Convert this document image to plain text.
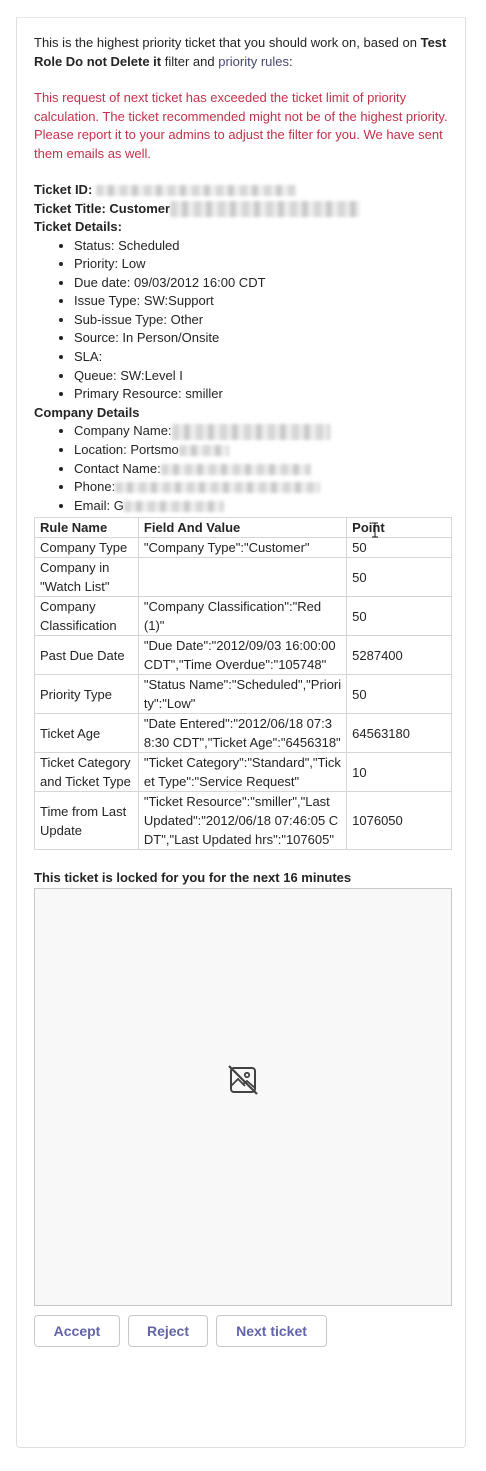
This is the highest priority ticket that you should work on, based on Test Role Do not Delete it filter and priority rules:

This request of next ticket has exceeded the ticket limit of priority calculation. The ticket recommended might not be of the highest priority. Please report it to your admins to adjust the filter for you. We have sent them emails as well.

Ticket ID:
Ticket Title: Customer
Ticket Details:
• Status: Scheduled
• Priority: Low
• Due date: 09/03/2012 16:00 CDT
• Issue Type: SW:Support
• Sub-issue Type: Other
• Source: In Person/Onsite
• SLA:
• Queue: SW:Level I
• Primary Resource: smiller
Company Details
• Company Name:
• Location: Portsmo
• Contact Name:
• Phone:
• Email: G
Rule Name	Field And Value	Point
Company Type	"Company Type":"Customer"	50
Company in "Watch List"		50
Company Classification	"Company Classification":"Red (1)"	50
Past Due Date	"Due Date":"2012/09/03 16:00:00 CDT","Time Overdue":"105748"	5287400
Priority Type	"Status Name":"Scheduled","Priority":"Low"	50
Ticket Age	"Date Entered":"2012/06/18 07:38:30 CDT","Ticket Age":"6456318"	64563180
Ticket Category and Ticket Type	"Ticket Category":"Standard","Ticket Type":"Service Request"	10
Time from Last Update	"Ticket Resource":"smiller","Last Updated":"2012/06/18 07:46:05 CDT","Last Updated hrs":"107605"	1076050
This ticket is locked for you for the next 16 minutes
Accept	Reject	Next ticket
